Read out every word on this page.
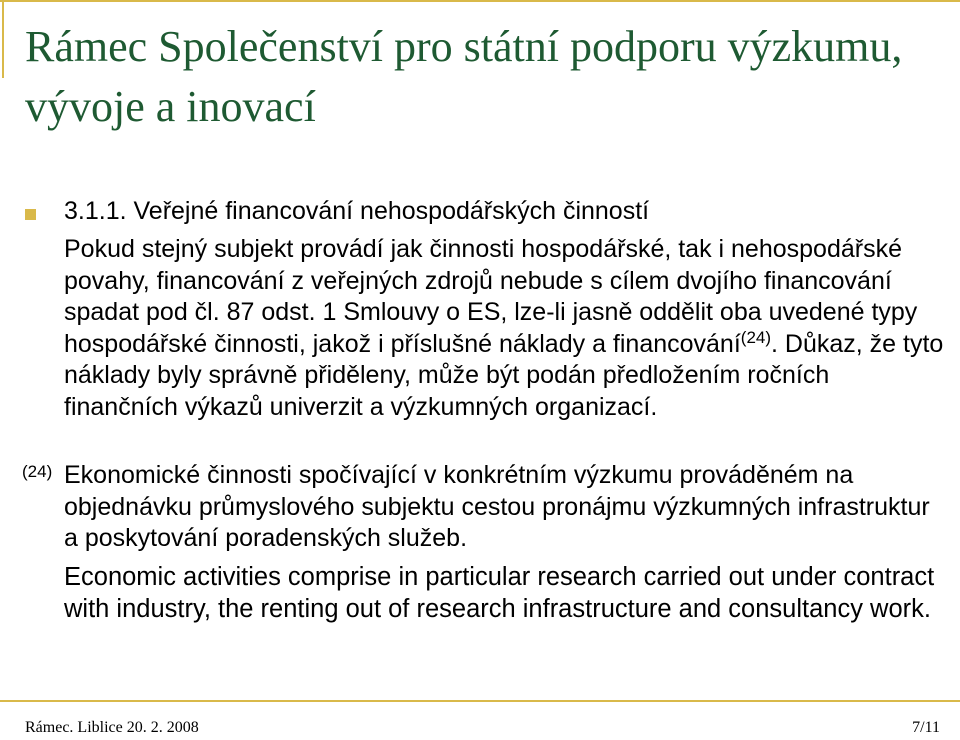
Rámec Společenství pro státní podporu výzkumu, vývoje a inovací
3.1.1. Veřejné financování nehospodářských činností
Pokud stejný subjekt provádí jak činnosti hospodářské, tak i nehospodářské povahy, financování z veřejných zdrojů nebude s cílem dvojího financování spadat pod čl. 87 odst. 1 Smlouvy o ES, lze-li jasně oddělit oba uvedené typy hospodářské činnosti, jakož i příslušné náklady a financování$^{(24)}$. Důkaz, že tyto náklady byly správně přiděleny, může být podán předložením ročních finančních výkazů univerzit a výzkumných organizací.
(24) Ekonomické činnosti spočívající v konkrétním výzkumu prováděném na objednávku průmyslového subjektu cestou pronájmu výzkumných infrastruktur a poskytování poradenských služeb.
Economic activities comprise in particular research carried out under contract with industry, the renting out of research infrastructure and consultancy work.
Rámec. Liblice 20. 2. 2008	7/11
